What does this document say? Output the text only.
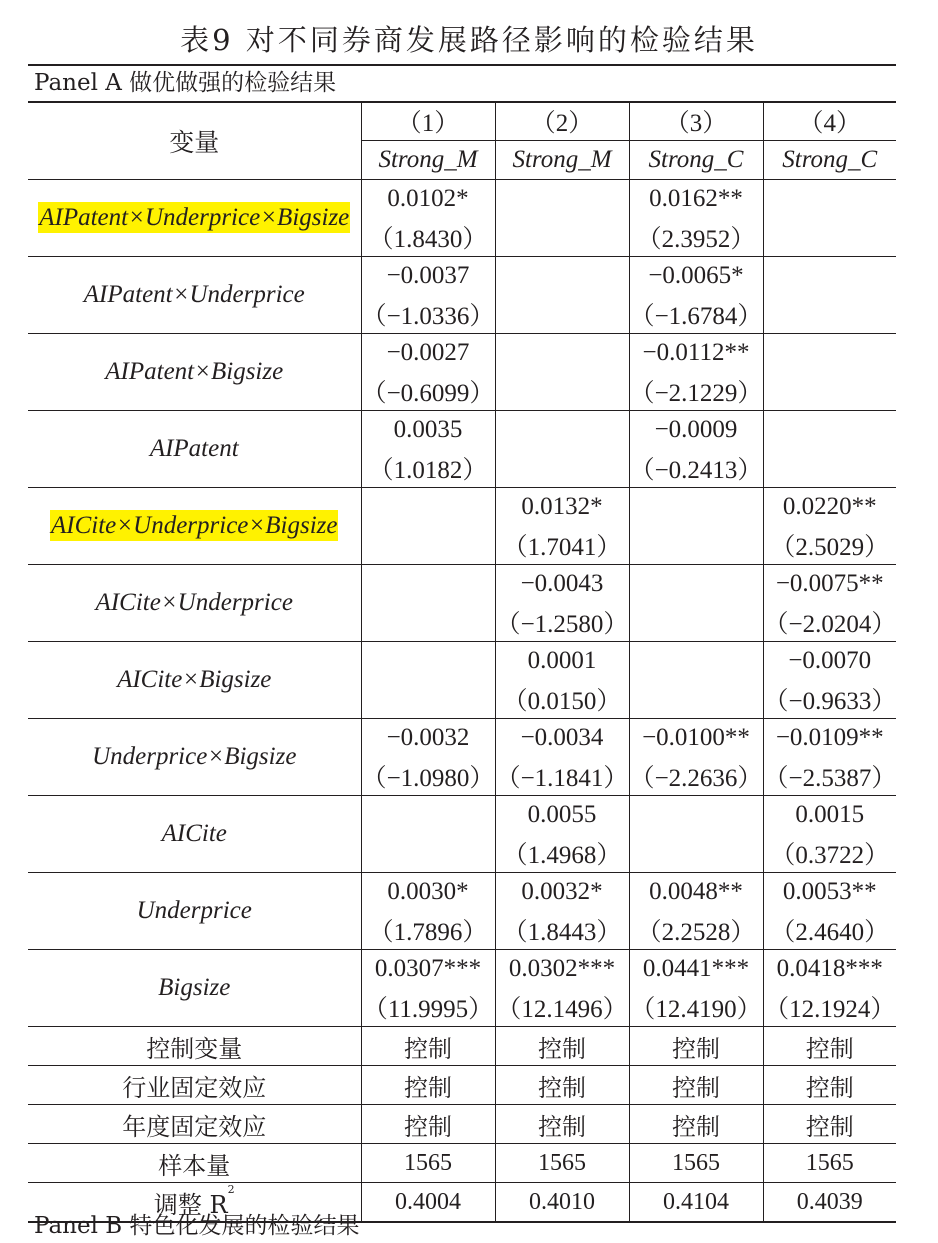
表9 对不同券商发展路径影响的检验结果
Panel A 做优做强的检验结果
变量	（1）	（2）	（3）	（4）
	Strong_M	Strong_M	Strong_C	Strong_C
AIPatent×Underprice×Bigsize	0.0102*		0.0162**	
	（1.8430）		（2.3952）	
AIPatent×Underprice	−0.0037		−0.0065*	
	（−1.0336）		（−1.6784）	
AIPatent×Bigsize	−0.0027		−0.0112**	
	（−0.6099）		（−2.1229）	
AIPatent	0.0035		−0.0009	
	（1.0182）		（−0.2413）	
AICite×Underprice×Bigsize		0.0132*		0.0220**
		（1.7041）		（2.5029）
AICite×Underprice		−0.0043		−0.0075**
		（−1.2580）		（−2.0204）
AICite×Bigsize		0.0001		−0.0070
		（0.0150）		（−0.9633）
Underprice×Bigsize	−0.0032	−0.0034	−0.0100**	−0.0109**
	（−1.0980）	（−1.1841）	（−2.2636）	（−2.5387）
AICite		0.0055		0.0015
		（1.4968）		（0.3722）
Underprice	0.0030*	0.0032*	0.0048**	0.0053**
	（1.7896）	（1.8443）	（2.2528）	（2.4640）
Bigsize	0.0307***	0.0302***	0.0441***	0.0418***
	（11.9995）	（12.1496）	（12.4190）	（12.1924）
控制变量	控制	控制	控制	控制
行业固定效应	控制	控制	控制	控制
年度固定效应	控制	控制	控制	控制
样本量	1565	1565	1565	1565
调整 $R^2$	0.4004	0.4010	0.4104	0.4039
Panel B 特色化发展的检验结果
